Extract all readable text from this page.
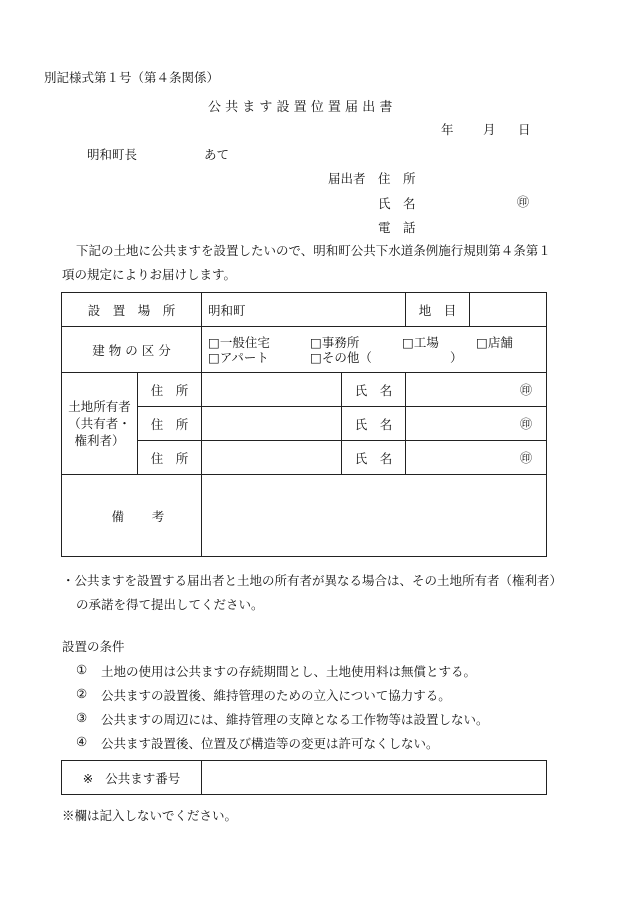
別記様式第１号（第４条関係）
公 共 ま す 設 置 位 置 届 出 書
年 月 日
明和町長	あて
届出者 住　所
氏　名	㊞
電　話
下記の土地に公共ますを設置したいので、明和町公共下水道条例施行規則第４条第１
項の規定によりお届けします。
設　置　場　所		明和町		地　目	
建 物 の 区 分		□一般住宅 □事務所 □工場 □店舗
□アパート □その他（ ）			

土地所有者
（共有者・
権利者）	住　所		氏　名	㊞	
	住　所		氏　名	㊞	
	住　所		氏　名	㊞	
備 考					
・公共ますを設置する届出者と土地の所有者が異なる場合は、その土地所有者（権利者）
の承諾を得て提出してください。
設置の条件
① 土地の使用は公共ますの存続期間とし、土地使用料は無償とする。
② 公共ますの設置後、維持管理のための立入について協力する。
③ 公共ますの周辺には、維持管理の支障となる工作物等は設置しない。
④ 公共ます設置後、位置及び構造等の変更は許可なくしない。
※ 公共ます番号	
※欄は記入しないでください。
